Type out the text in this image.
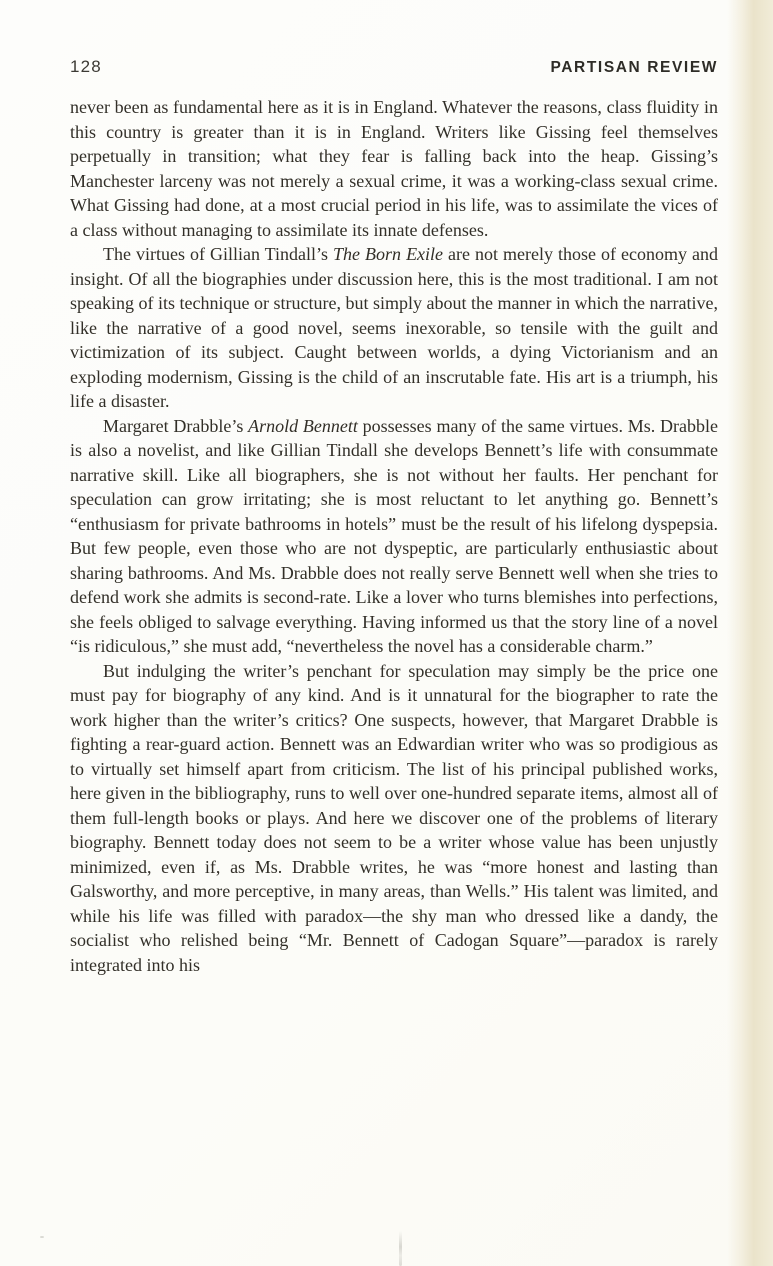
128	PARTISAN REVIEW

never been as fundamental here as it is in England. Whatever the reasons, class fluidity in this country is greater than it is in England. Writers like Gissing feel themselves perpetually in transition; what they fear is falling back into the heap. Gissing’s Manchester larceny was not merely a sexual crime, it was a working-class sexual crime. What Gissing had done, at a most crucial period in his life, was to assimilate the vices of a class without managing to assimilate its innate defenses.

The virtues of Gillian Tindall’s The Born Exile are not merely those of economy and insight. Of all the biographies under discussion here, this is the most traditional. I am not speaking of its technique or structure, but simply about the manner in which the narrative, like the narrative of a good novel, seems inexorable, so tensile with the guilt and victimization of its subject. Caught between worlds, a dying Victorianism and an exploding modernism, Gissing is the child of an inscrutable fate. His art is a triumph, his life a disaster.

Margaret Drabble’s Arnold Bennett possesses many of the same virtues. Ms. Drabble is also a novelist, and like Gillian Tindall she develops Bennett’s life with consummate narrative skill. Like all biographers, she is not without her faults. Her penchant for speculation can grow irritating; she is most reluctant to let anything go. Bennett’s “enthusiasm for private bathrooms in hotels” must be the result of his lifelong dyspepsia. But few people, even those who are not dyspeptic, are particularly enthusiastic about sharing bathrooms. And Ms. Drabble does not really serve Bennett well when she tries to defend work she admits is second-rate. Like a lover who turns blemishes into perfections, she feels obliged to salvage everything. Having informed us that the story line of a novel “is ridiculous,” she must add, “nevertheless the novel has a considerable charm.”

But indulging the writer’s penchant for speculation may simply be the price one must pay for biography of any kind. And is it unnatural for the biographer to rate the work higher than the writer’s critics? One suspects, however, that Margaret Drabble is fighting a rear-guard action. Bennett was an Edwardian writer who was so prodigious as to virtually set himself apart from criticism. The list of his principal published works, here given in the bibliography, runs to well over one-hundred separate items, almost all of them full-length books or plays. And here we discover one of the problems of literary biography. Bennett today does not seem to be a writer whose value has been unjustly minimized, even if, as Ms. Drabble writes, he was “more honest and lasting than Galsworthy, and more perceptive, in many areas, than Wells.” His talent was limited, and while his life was filled with paradox—the shy man who dressed like a dandy, the socialist who relished being “Mr. Bennett of Cadogan Square”—paradox is rarely integrated into his
